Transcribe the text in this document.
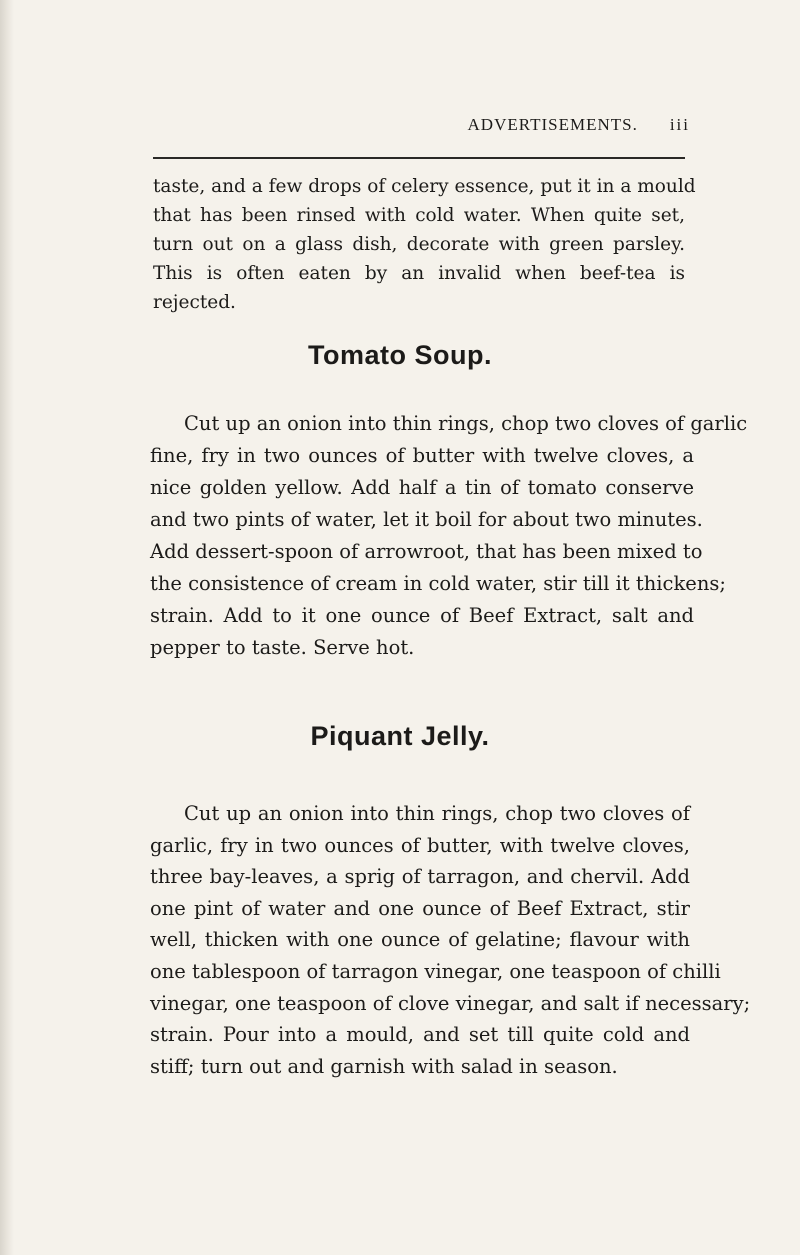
ADVERTISEMENTS. iii

taste, and a few drops of celery essence, put it in a mould
that has been rinsed with cold water. When quite set,
turn out on a glass dish, decorate with green parsley.
This is often eaten by an invalid when beef-tea is
rejected.

Tomato Soup.

Cut up an onion into thin rings, chop two cloves of garlic
fine, fry in two ounces of butter with twelve cloves, a
nice golden yellow. Add half a tin of tomato conserve
and two pints of water, let it boil for about two minutes.
Add dessert-spoon of arrowroot, that has been mixed to
the consistence of cream in cold water, stir till it thickens;
strain. Add to it one ounce of Beef Extract, salt and
pepper to taste. Serve hot.

Piquant Jelly.

Cut up an onion into thin rings, chop two cloves of
garlic, fry in two ounces of butter, with twelve cloves,
three bay-leaves, a sprig of tarragon, and chervil. Add
one pint of water and one ounce of Beef Extract, stir
well, thicken with one ounce of gelatine; flavour with
one tablespoon of tarragon vinegar, one teaspoon of chilli
vinegar, one teaspoon of clove vinegar, and salt if necessary;
strain. Pour into a mould, and set till quite cold and
stiff; turn out and garnish with salad in season.
